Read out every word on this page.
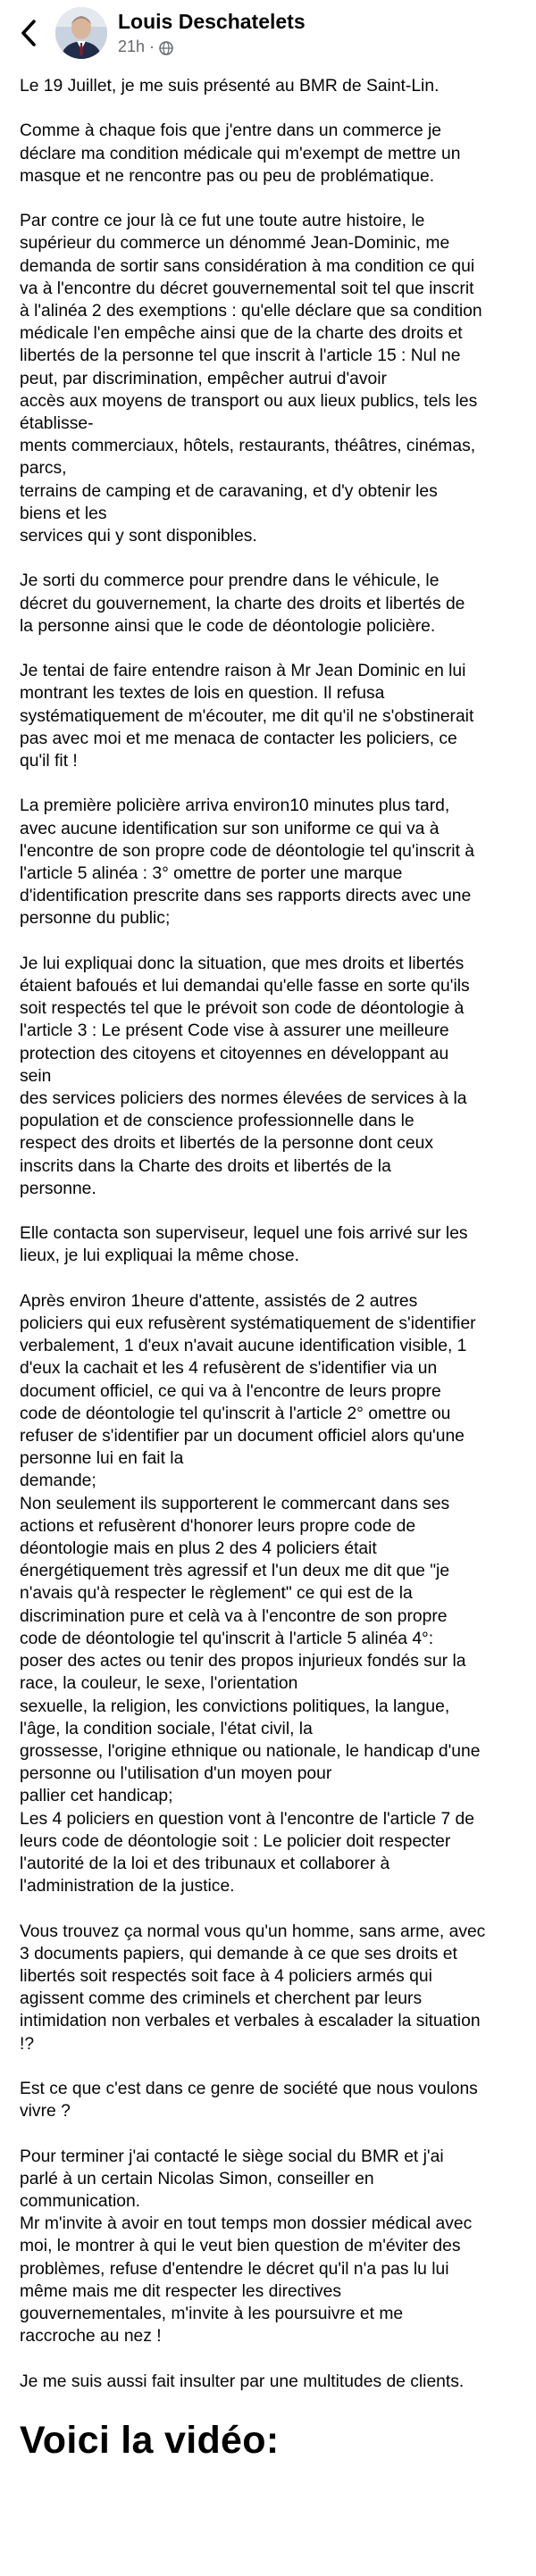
Louis Deschatelets
21h ·

Le 19 Juillet, je me suis présenté au BMR de Saint-Lin.

Comme à chaque fois que j'entre dans un commerce je
déclare ma condition médicale qui m'exempt de mettre un
masque et ne rencontre pas ou peu de problématique.

Par contre ce jour là ce fut une toute autre histoire, le
supérieur du commerce un dénommé Jean-Dominic, me
demanda de sortir sans considération à ma condition ce qui
va à l'encontre du décret gouvernemental soit tel que inscrit
à l'alinéa 2 des exemptions : qu'elle déclare que sa condition
médicale l'en empêche ainsi que de la charte des droits et
libertés de la personne tel que inscrit à l'article 15 : Nul ne
peut, par discrimination, empêcher autrui d'avoir
accès aux moyens de transport ou aux lieux publics, tels les
établisse-
ments commerciaux, hôtels, restaurants, théâtres, cinémas,
parcs,
terrains de camping et de caravaning, et d'y obtenir les
biens et les
services qui y sont disponibles.

Je sorti du commerce pour prendre dans le véhicule, le
décret du gouvernement, la charte des droits et libertés de
la personne ainsi que le code de déontologie policière.

Je tentai de faire entendre raison à Mr Jean Dominic en lui
montrant les textes de lois en question. Il refusa
systématiquement de m'écouter, me dit qu'il ne s'obstinerait
pas avec moi et me menaca de contacter les policiers, ce
qu'il fit !

La première policière arriva environ10 minutes plus tard,
avec aucune identification sur son uniforme ce qui va à
l'encontre de son propre code de déontologie tel qu'inscrit à
l'article 5 alinéa : 3° omettre de porter une marque
d'identification prescrite dans ses rapports directs avec une
personne du public;

Je lui expliquai donc la situation, que mes droits et libertés
étaient bafoués et lui demandai qu'elle fasse en sorte qu'ils
soit respectés tel que le prévoit son code de déontologie à
l'article 3 : Le présent Code vise à assurer une meilleure
protection des citoyens et citoyennes en développant au
sein
des services policiers des normes élevées de services à la
population et de conscience professionnelle dans le
respect des droits et libertés de la personne dont ceux
inscrits dans la Charte des droits et libertés de la
personne.

Elle contacta son superviseur, lequel une fois arrivé sur les
lieux, je lui expliquai la même chose.

Après environ 1heure d'attente, assistés de 2 autres
policiers qui eux refusèrent systématiquement de s'identifier
verbalement, 1 d'eux n'avait aucune identification visible, 1
d'eux la cachait et les 4 refusèrent de s'identifier via un
document officiel, ce qui va à l'encontre de leurs propre
code de déontologie tel qu'inscrit à l'article 2° omettre ou
refuser de s'identifier par un document officiel alors qu'une
personne lui en fait la
demande;
Non seulement ils supporterent le commercant dans ses
actions et refusèrent d'honorer leurs propre code de
déontologie mais en plus 2 des 4 policiers était
énergétiquement très agressif et l'un deux me dit que "je
n'avais qu'à respecter le règlement" ce qui est de la
discrimination pure et celà va à l'encontre de son propre
code de déontologie tel qu'inscrit à l'article 5 alinéa 4°:
poser des actes ou tenir des propos injurieux fondés sur la
race, la couleur, le sexe, l'orientation
sexuelle, la religion, les convictions politiques, la langue,
l'âge, la condition sociale, l'état civil, la
grossesse, l'origine ethnique ou nationale, le handicap d'une
personne ou l'utilisation d'un moyen pour
pallier cet handicap;
Les 4 policiers en question vont à l'encontre de l'article 7 de
leurs code de déontologie soit : Le policier doit respecter
l'autorité de la loi et des tribunaux et collaborer à
l'administration de la justice.

Vous trouvez ça normal vous qu'un homme, sans arme, avec
3 documents papiers, qui demande à ce que ses droits et
libertés soit respectés soit face à 4 policiers armés qui
agissent comme des criminels et cherchent par leurs
intimidation non verbales et verbales à escalader la situation
!?

Est ce que c'est dans ce genre de société que nous voulons
vivre ?

Pour terminer j'ai contacté le siège social du BMR et j'ai
parlé à un certain Nicolas Simon, conseiller en
communication.
Mr m'invite à avoir en tout temps mon dossier médical avec
moi, le montrer à qui le veut bien question de m'éviter des
problèmes, refuse d'entendre le décret qu'il n'a pas lu lui
même mais me dit respecter les directives
gouvernementales, m'invite à les poursuivre et me
raccroche au nez !

Je me suis aussi fait insulter par une multitudes de clients.

Voici la vidéo:
